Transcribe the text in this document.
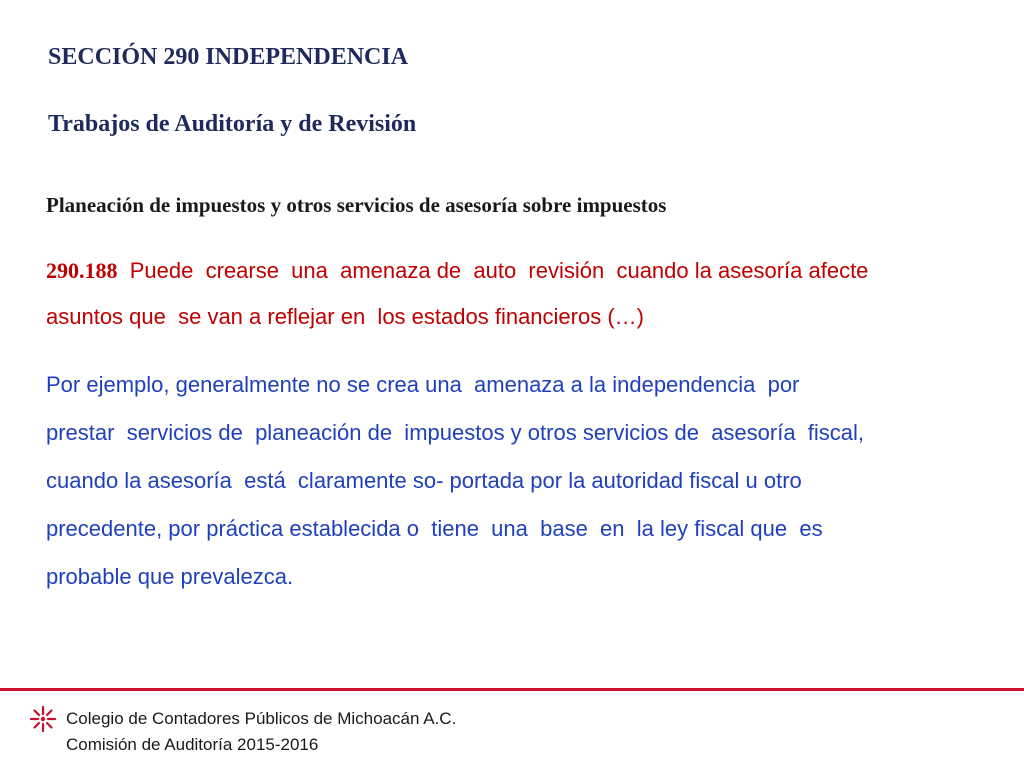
SECCIÓN 290 INDEPENDENCIA
Trabajos de Auditoría y de Revisión
Planeación de impuestos y otros servicios de asesoría sobre impuestos
290.188  Puede  crearse  una  amenaza de  auto  revisión  cuando la asesoría afecte
asuntos que  se van a reflejar en  los estados financieros (…)
Por ejemplo, generalmente no se crea una  amenaza a la independencia  por
prestar  servicios de  planeación de  impuestos y otros servicios de  asesoría  fiscal,
cuando la asesoría  está  claramente so- portada por la autoridad fiscal u otro
precedente, por práctica establecida o  tiene  una  base  en  la ley fiscal que  es
probable que prevalezca.
Colegio de Contadores Públicos de Michoacán A.C.
Comisión de Auditoría 2015-2016
